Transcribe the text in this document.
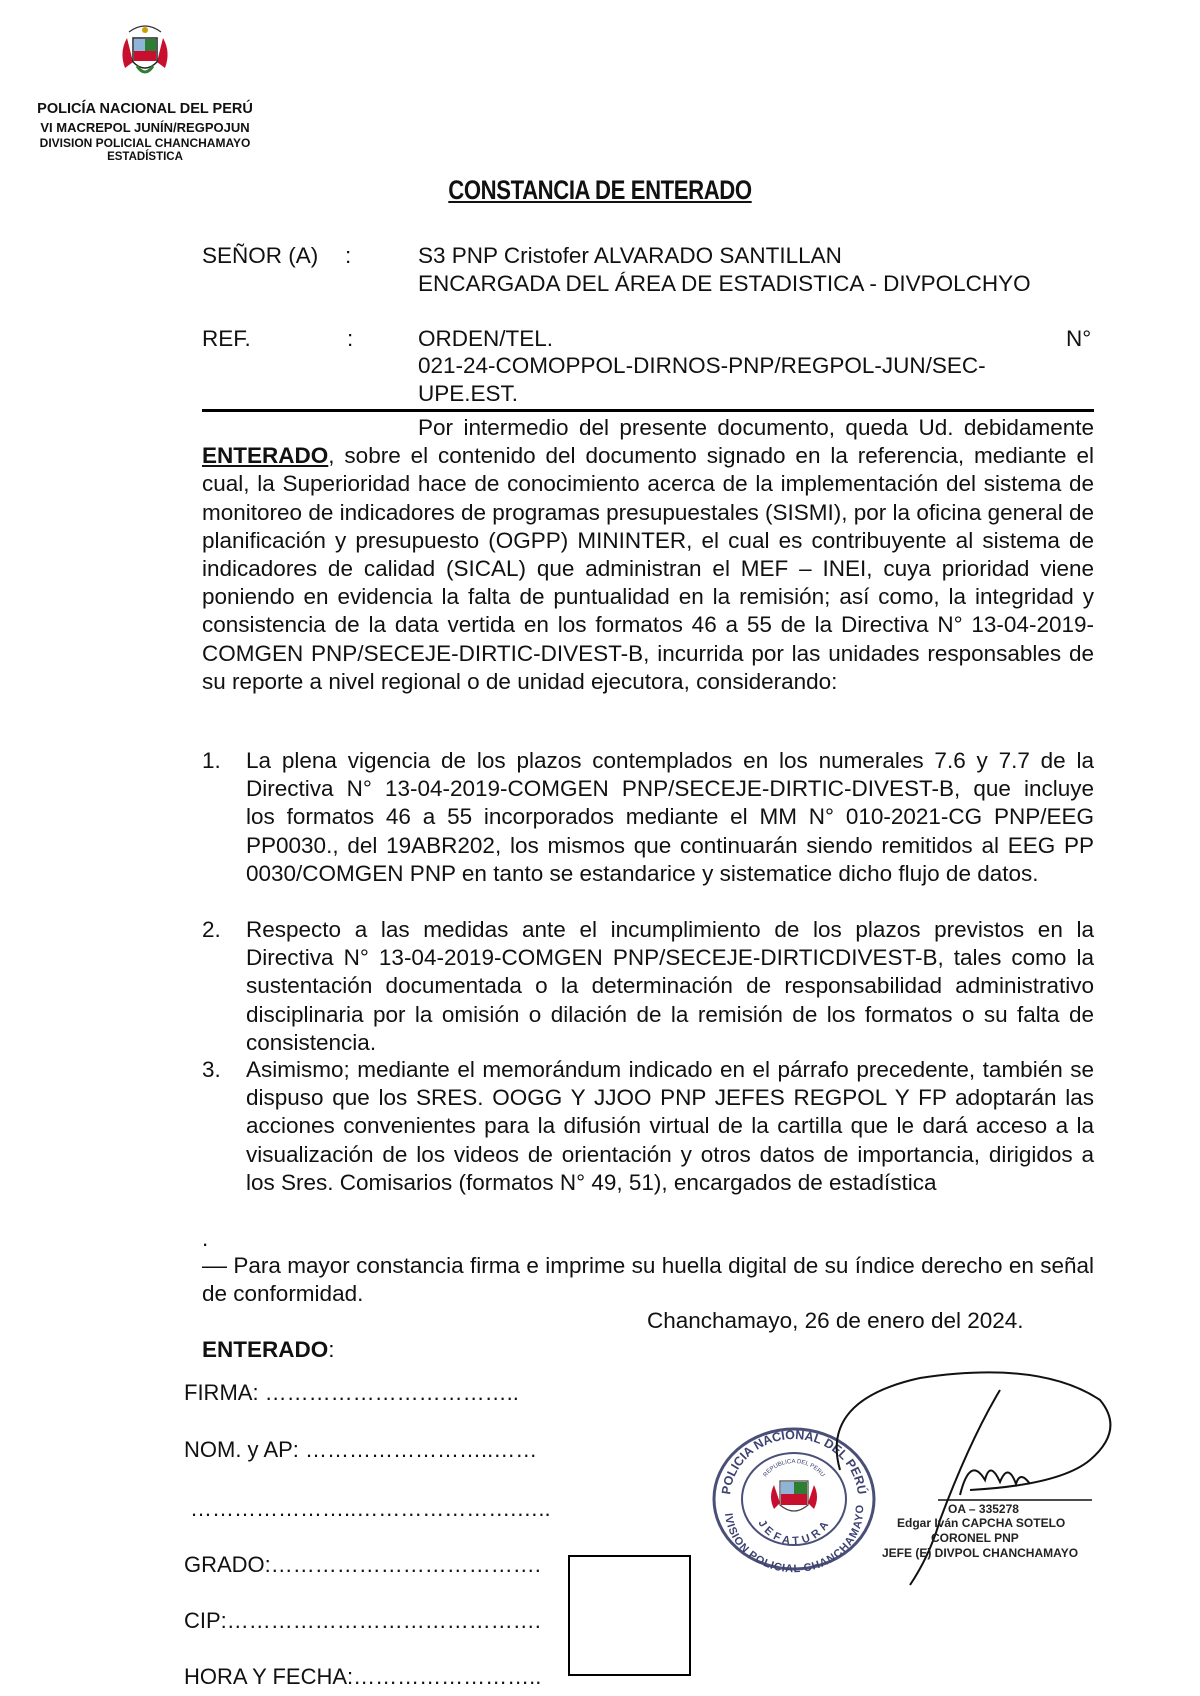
POLICÍA NACIONAL DEL PERÚ
VI MACREPOL JUNÍN/REGPOJUN
DIVISION POLICIAL CHANCHAMAYO
ESTADÍSTICA
CONSTANCIA DE ENTERADO
SEÑOR (A) :	S3 PNP Cristofer ALVARADO SANTILLAN
ENCARGADA DEL ÁREA DE ESTADISTICA - DIVPOLCHYO
REF.	:	ORDEN/TEL.	N°
021-24-COMOPPOL-DIRNOS-PNP/REGPOL-JUN/SEC-
UPE.EST.
Por intermedio del presente documento, queda Ud. debidamente ENTERADO, sobre el contenido del documento signado en la referencia, mediante el cual, la Superioridad hace de conocimiento acerca de la implementación del sistema de monitoreo de indicadores de programas presupuestales (SISMI), por la oficina general de planificación y presupuesto (OGPP) MININTER, el cual es contribuyente al sistema de indicadores de calidad (SICAL) que administran el MEF – INEI, cuya prioridad viene poniendo en evidencia la falta de puntualidad en la remisión; así como, la integridad y consistencia de la data vertida en los formatos 46 a 55 de la Directiva N° 13-04-2019-COMGEN PNP/SECEJE-DIRTIC-DIVEST-B, incurrida por las unidades responsables de su reporte a nivel regional o de unidad ejecutora, considerando:
1. La plena vigencia de los plazos contemplados en los numerales 7.6 y 7.7 de la Directiva N° 13-04-2019-COMGEN PNP/SECEJE-DIRTIC-DIVEST-B, que incluye los formatos 46 a 55 incorporados mediante el MM N° 010-2021-CG PNP/EEG PP0030., del 19ABR202, los mismos que continuarán siendo remitidos al EEG PP 0030/COMGEN PNP en tanto se estandarice y sistematice dicho flujo de datos.
2. Respecto a las medidas ante el incumplimiento de los plazos previstos en la Directiva N° 13-04-2019-COMGEN PNP/SECEJE-DIRTICDIVEST-B, tales como la sustentación documentada o la determinación de responsabilidad administrativo disciplinaria por la omisión o dilación de la remisión de los formatos o su falta de consistencia.
3. Asimismo; mediante el memorándum indicado en el párrafo precedente, también se dispuso que los SRES. OOGG Y JJOO PNP JEFES REGPOL Y FP adoptarán las acciones convenientes para la difusión virtual de la cartilla que le dará acceso a la visualización de los videos de orientación y otros datos de importancia, dirigidos a los Sres. Comisarios (formatos N° 49, 51), encargados de estadística
.
–– Para mayor constancia firma e imprime su huella digital de su índice derecho en señal de conformidad.
Chanchamayo, 26 de enero del 2024.
ENTERADO:
FIRMA: ……………………………..
NOM. y AP: ……………………..……
…………………..………………….…..
GRADO:……………………………….
CIP:…………………………………….
HORA Y FECHA:……………………..
POLICIA NACIONAL DEL PERÚ
IVISION POLICIAL CHANCHAMAYO
REPUBLICA DEL PERU
JEFATURA
OA – 335278
Edgar Iván CAPCHA SOTELO
CORONEL PNP
JEFE (E) DIVPOL CHANCHAMAYO
